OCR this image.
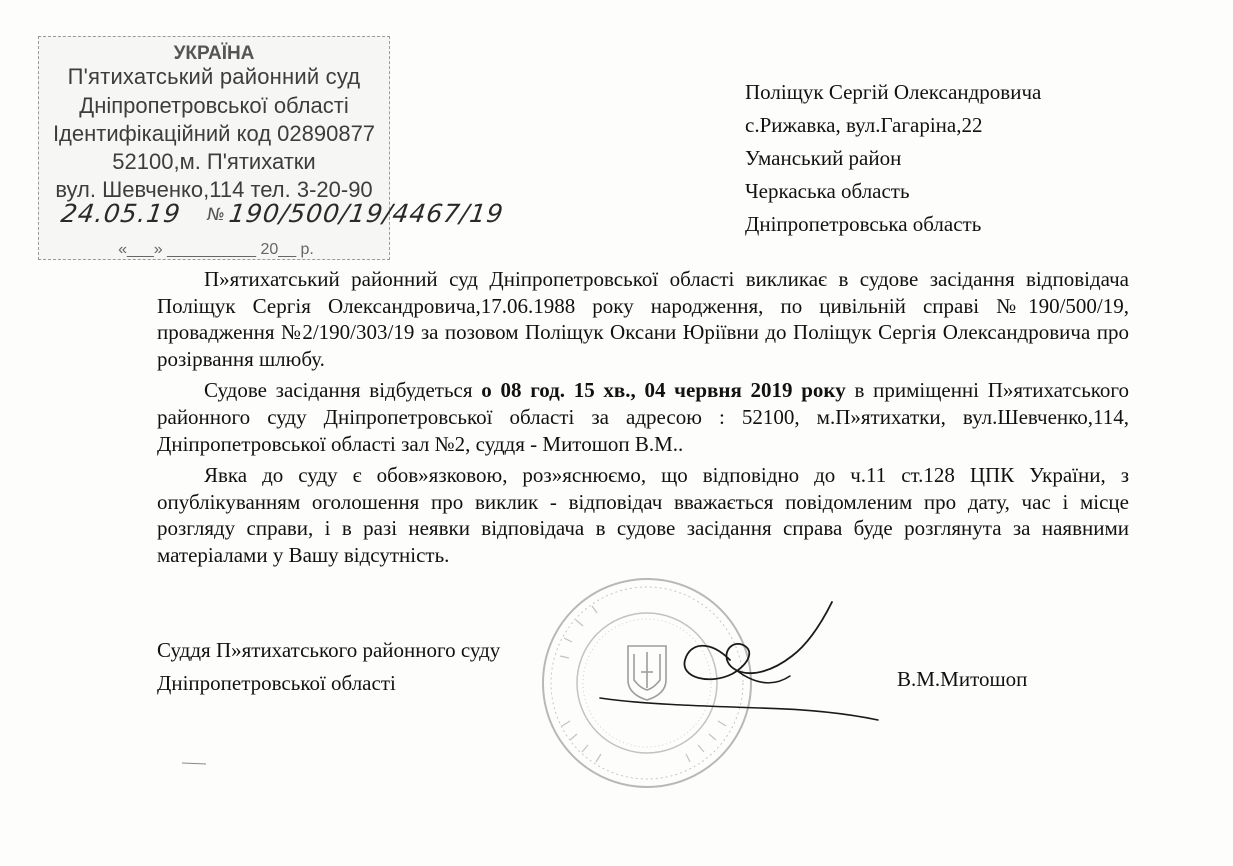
УКРАЇНА
П'ятихатський районний суд
Дніпропетровської області
Ідентифікаційний код 02890877
52100,м. П'ятихатки
вул. Шевченко,114 тел. 3-20-90
24.05.19 № 190/500/19/4467/19
«___» __________ 20__ р.
Поліщук Сергій Олександровича
с.Рижавка, вул.Гагаріна,22
Уманський район
Черкаська область
Дніпропетровська область

П»ятихатський районний суд Дніпропетровської області викликає в судове засідання відповідача Поліщук Сергія Олександровича,17.06.1988 року народження, по цивільній справі №190/500/19, провадження №2/190/303/19 за позовом Поліщук Оксани Юріївни до Поліщук Сергія Олександровича про розірвання шлюбу.

Судове засідання відбудеться о 08 год. 15 хв., 04 червня 2019 року в приміщенні П»ятихатського районного суду Дніпропетровської області за адресою : 52100, м.П»ятихатки, вул.Шевченко,114, Дніпропетровської області зал №2, суддя - Митошоп В.М..

Явка до суду є обов»язковою, роз»яснюємо, що відповідно до ч.11 ст.128 ЦПК України, з опублікуванням оголошення про виклик - відповідач вважається повідомленим про дату, час і місце розгляду справи, і в разі неявки відповідача в судове засідання справа буде розглянута за наявними матеріалами у Вашу відсутність.

Суддя П»ятихатського районного суду
Дніпропетровської області	В.М.Митошоп
